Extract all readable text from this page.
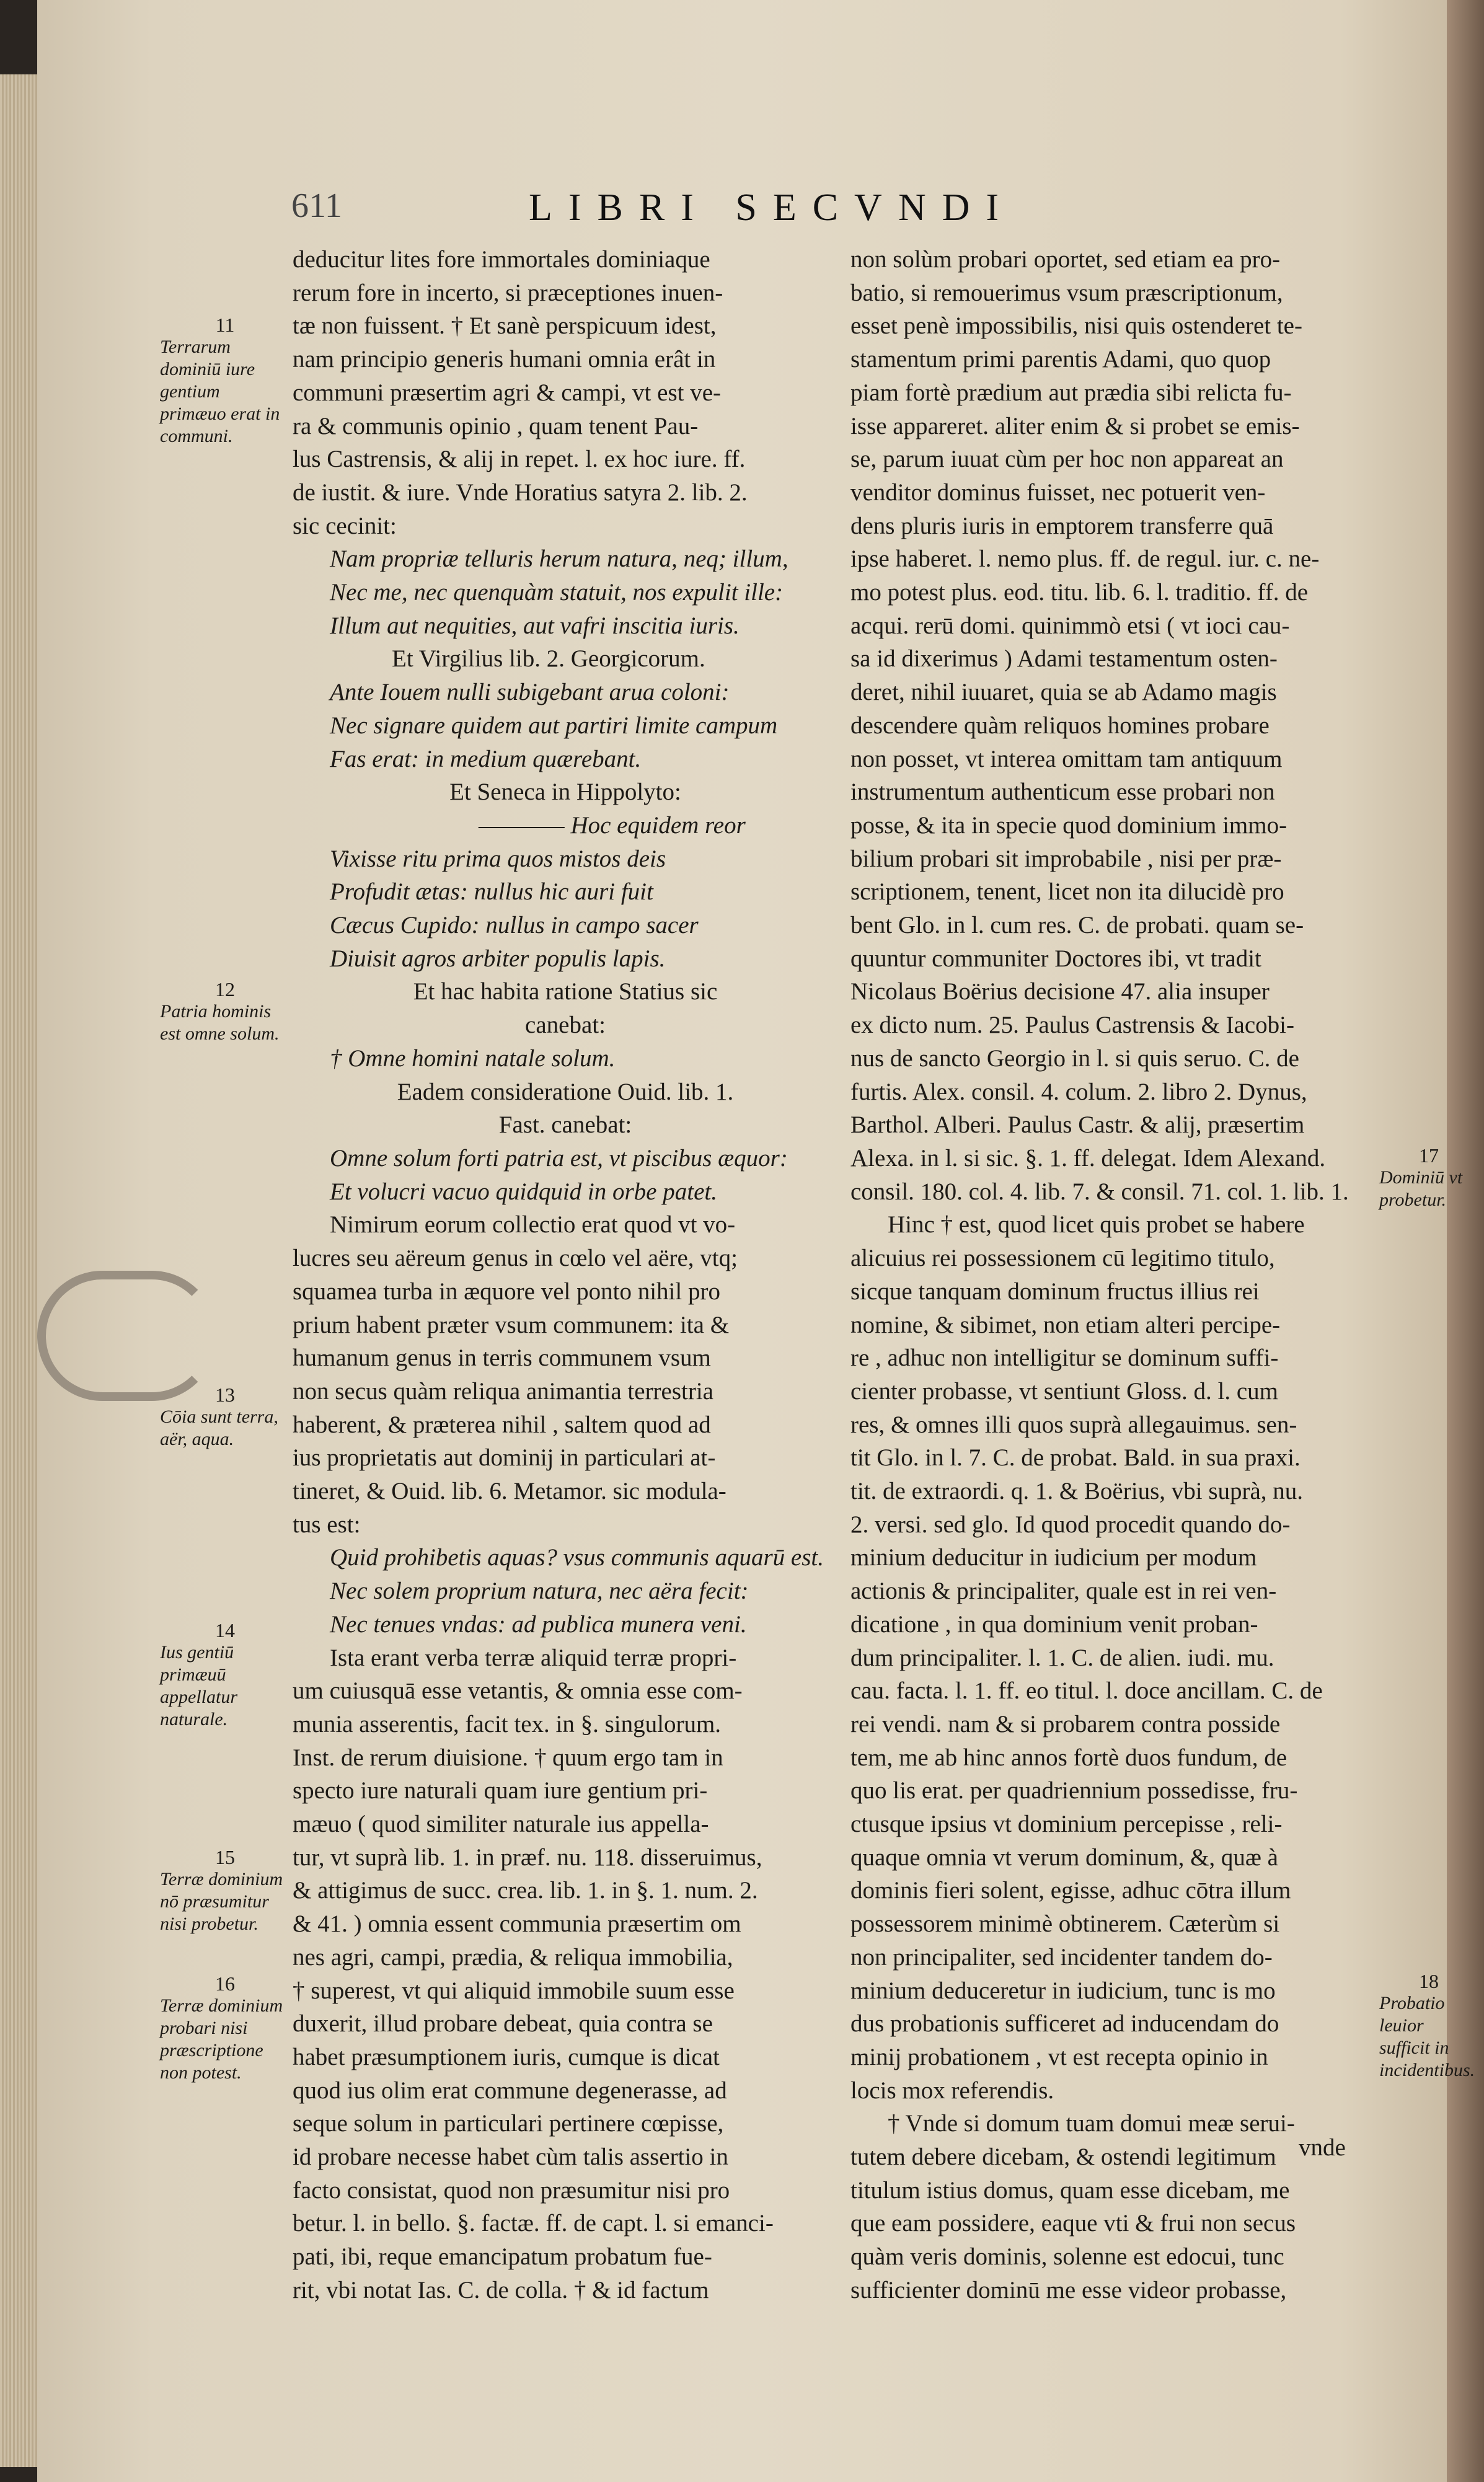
611	LIBRI SECVNDI
deducitur lites fore immortales dominiaque
rerum fore in incerto, si præceptiones inuen-
tæ non fuissent. † Et sanè perspicuum idest,
nam principio generis humani omnia erât in
communi præsertim agri & campi, vt est ve-
ra & communis opinio , quam tenent Pau-
lus Castrensis, & alij in repet. l. ex hoc iure. ff.
de iustit. & iure. Vnde Horatius satyra 2. lib. 2.
sic cecinit:
Nam propriæ telluris herum natura, neq; illum,
Nec me, nec quenquàm statuit, nos expulit ille:
Illum aut nequities, aut vafri inscitia iuris.
Et Virgilius lib. 2. Georgicorum.
Ante Iouem nulli subigebant arua coloni:
Nec signare quidem aut partiri limite campum
Fas erat: in medium quærebant.
Et Seneca in Hippolyto:
———— Hoc equidem reor
Vixisse ritu prima quos mistos deis
Profudit ætas: nullus hic auri fuit
Cæcus Cupido: nullus in campo sacer
Diuisit agros arbiter populis lapis.
Et hac habita ratione Statius sic
canebat:
† Omne homini natale solum.
Eadem consideratione Ouid. lib. 1.
Fast. canebat:
Omne solum forti patria est, vt piscibus æquor:
Et volucri vacuo quidquid in orbe patet.
Nimirum eorum collectio erat quod vt vo-
lucres seu aëreum genus in cœlo vel aëre, vtq;
squamea turba in æquore vel ponto nihil pro
prium habent præter vsum communem: ita &
humanum genus in terris communem vsum
non secus quàm reliqua animantia terrestria
haberent, & præterea nihil , saltem quod ad
ius proprietatis aut dominij in particulari at-
tineret, & Ouid. lib. 6. Metamor. sic modula-
tus est:
Quid prohibetis aquas? vsus communis aquarū est.
Nec solem proprium natura, nec aëra fecit:
Nec tenues vndas: ad publica munera veni.
Ista erant verba terræ aliquid terræ propri-
um cuiusquā esse vetantis, & omnia esse com-
munia asserentis, facit tex. in §. singulorum.
Inst. de rerum diuisione. † quum ergo tam in
specto iure naturali quam iure gentium pri-
mæuo ( quod similiter naturale ius appella-
tur, vt suprà lib. 1. in præf. nu. 118. disseruimus,
& attigimus de succ. crea. lib. 1. in §. 1. num. 2.
& 41. ) omnia essent communia præsertim om
nes agri, campi, prædia, & reliqua immobilia,
† superest, vt qui aliquid immobile suum esse
duxerit, illud probare debeat, quia contra se
habet præsumptionem iuris, cumque is dicat
quod ius olim erat commune degenerasse, ad
seque solum in particulari pertinere cœpisse,
id probare necesse habet cùm talis assertio in
facto consistat, quod non præsumitur nisi pro
betur. l. in bello. §. factæ. ff. de capt. l. si emanci-
pati, ibi, reque emancipatum probatum fue-
rit, vbi notat Ias. C. de colla. † & id factum
non solùm probari oportet, sed etiam ea pro-
batio, si remouerimus vsum præscriptionum,
esset penè impossibilis, nisi quis ostenderet te-
stamentum primi parentis Adami, quo quop
piam fortè prædium aut prædia sibi relicta fu-
isse appareret. aliter enim & si probet se emis-
se, parum iuuat cùm per hoc non appareat an
venditor dominus fuisset, nec potuerit ven-
dens pluris iuris in emptorem transferre quā
ipse haberet. l. nemo plus. ff. de regul. iur. c. ne-
mo potest plus. eod. titu. lib. 6. l. traditio. ff. de
acqui. rerū domi. quinimmò etsi ( vt ioci cau-
sa id dixerimus ) Adami testamentum osten-
deret, nihil iuuaret, quia se ab Adamo magis
descendere quàm reliquos homines probare
non posset, vt interea omittam tam antiquum
instrumentum authenticum esse probari non
posse, & ita in specie quod dominium immo-
bilium probari sit improbabile , nisi per præ-
scriptionem, tenent, licet non ita dilucidè pro
bent Glo. in l. cum res. C. de probati. quam se-
quuntur communiter Doctores ibi, vt tradit
Nicolaus Boërius decisione 47. alia insuper
ex dicto num. 25. Paulus Castrensis & Iacobi-
nus de sancto Georgio in l. si quis seruo. C. de
furtis. Alex. consil. 4. colum. 2. libro 2. Dynus,
Barthol. Alberi. Paulus Castr. & alij, præsertim
Alexa. in l. si sic. §. 1. ff. delegat. Idem Alexand.
consil. 180. col. 4. lib. 7. & consil. 71. col. 1. lib. 1.
Hinc † est, quod licet quis probet se habere
alicuius rei possessionem cū legitimo titulo,
sicque tanquam dominum fructus illius rei
nomine, & sibimet, non etiam alteri percipe-
re , adhuc non intelligitur se dominum suffi-
cienter probasse, vt sentiunt Gloss. d. l. cum
res, & omnes illi quos suprà allegauimus. sen-
tit Glo. in l. 7. C. de probat. Bald. in sua praxi.
tit. de extraordi. q. 1. & Boërius, vbi suprà, nu.
2. versi. sed glo. Id quod procedit quando do-
minium deducitur in iudicium per modum
actionis & principaliter, quale est in rei ven-
dicatione , in qua dominium venit proban-
dum principaliter. l. 1. C. de alien. iudi. mu.
cau. facta. l. 1. ff. eo titul. l. doce ancillam. C. de
rei vendi. nam & si probarem contra posside
tem, me ab hinc annos fortè duos fundum, de
quo lis erat. per quadriennium possedisse, fru-
ctusque ipsius vt dominium percepisse , reli-
quaque omnia vt verum dominum, &, quæ à
dominis fieri solent, egisse, adhuc cōtra illum
possessorem minimè obtinerem. Cæterùm si
non principaliter, sed incidenter tandem do-
minium deduceretur in iudicium, tunc is mo
dus probationis sufficeret ad inducendam do
minij probationem , vt est recepta opinio in
locis mox referendis.
† Vnde si domum tuam domui meæ serui-
tutem debere dicebam, & ostendi legitimum
titulum istius domus, quam esse dicebam, me
que eam possidere, eaque vti & frui non secus
quàm veris dominis, solenne est edocui, tunc
sufficienter dominū me esse videor probasse,
11
Terrarum dominiū iure gentium primæuo erat in communi.
12
Patria hominis est omne solum.
13
Cōia sunt terra, aër, aqua.
14
Ius gentiū primæuū appellatur naturale.
15
Terræ dominium nō præsumitur nisi probetur.
16
Terræ dominium probari nisi præscriptione non potest.
17
Dominiū vt probetur.
18
Probatio leuior sufficit in incidentibus.
vnde
